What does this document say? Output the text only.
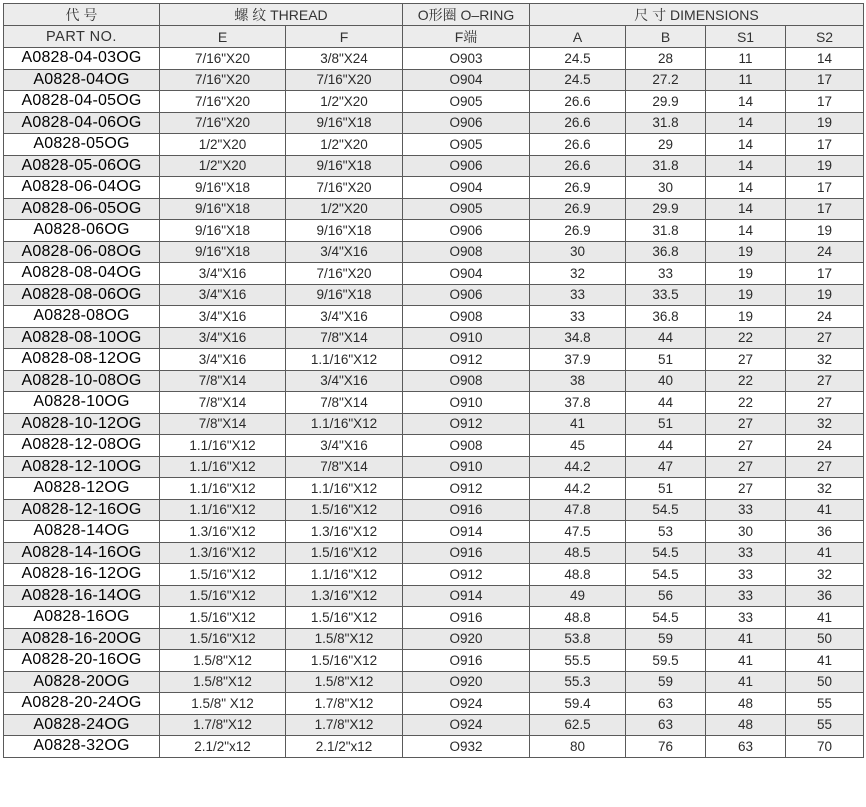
代 号	螺 纹 THREAD		O形圈 O–RING	尺 寸 DIMENSIONS			
PART NO.	E	F	F端	A	B	S1	S2
A0828-04-03OG	7/16"X20	3/8"X24	O903	24.5	28	11	14
A0828-04OG	7/16"X20	7/16"X20	O904	24.5	27.2	11	17
A0828-04-05OG	7/16"X20	1/2"X20	O905	26.6	29.9	14	17
A0828-04-06OG	7/16"X20	9/16"X18	O906	26.6	31.8	14	19
A0828-05OG	1/2"X20	1/2"X20	O905	26.6	29	14	17
A0828-05-06OG	1/2"X20	9/16"X18	O906	26.6	31.8	14	19
A0828-06-04OG	9/16"X18	7/16"X20	O904	26.9	30	14	17
A0828-06-05OG	9/16"X18	1/2"X20	O905	26.9	29.9	14	17
A0828-06OG	9/16"X18	9/16"X18	O906	26.9	31.8	14	19
A0828-06-08OG	9/16"X18	3/4"X16	O908	30	36.8	19	24
A0828-08-04OG	3/4"X16	7/16"X20	O904	32	33	19	17
A0828-08-06OG	3/4"X16	9/16"X18	O906	33	33.5	19	19
A0828-08OG	3/4"X16	3/4"X16	O908	33	36.8	19	24
A0828-08-10OG	3/4"X16	7/8"X14	O910	34.8	44	22	27
A0828-08-12OG	3/4"X16	1.1/16"X12	O912	37.9	51	27	32
A0828-10-08OG	7/8"X14	3/4"X16	O908	38	40	22	27
A0828-10OG	7/8"X14	7/8"X14	O910	37.8	44	22	27
A0828-10-12OG	7/8"X14	1.1/16"X12	O912	41	51	27	32
A0828-12-08OG	1.1/16"X12	3/4"X16	O908	45	44	27	24
A0828-12-10OG	1.1/16"X12	7/8"X14	O910	44.2	47	27	27
A0828-12OG	1.1/16"X12	1.1/16"X12	O912	44.2	51	27	32
A0828-12-16OG	1.1/16"X12	1.5/16"X12	O916	47.8	54.5	33	41
A0828-14OG	1.3/16"X12	1.3/16"X12	O914	47.5	53	30	36
A0828-14-16OG	1.3/16"X12	1.5/16"X12	O916	48.5	54.5	33	41
A0828-16-12OG	1.5/16"X12	1.1/16"X12	O912	48.8	54.5	33	32
A0828-16-14OG	1.5/16"X12	1.3/16"X12	O914	49	56	33	36
A0828-16OG	1.5/16"X12	1.5/16"X12	O916	48.8	54.5	33	41
A0828-16-20OG	1.5/16"X12	1.5/8"X12	O920	53.8	59	41	50
A0828-20-16OG	1.5/8"X12	1.5/16"X12	O916	55.5	59.5	41	41
A0828-20OG	1.5/8"X12	1.5/8"X12	O920	55.3	59	41	50
A0828-20-24OG	1.5/8" X12	1.7/8"X12	O924	59.4	63	48	55
A0828-24OG	1.7/8"X12	1.7/8"X12	O924	62.5	63	48	55
A0828-32OG	2.1/2"x12	2.1/2"x12	O932	80	76	63	70
